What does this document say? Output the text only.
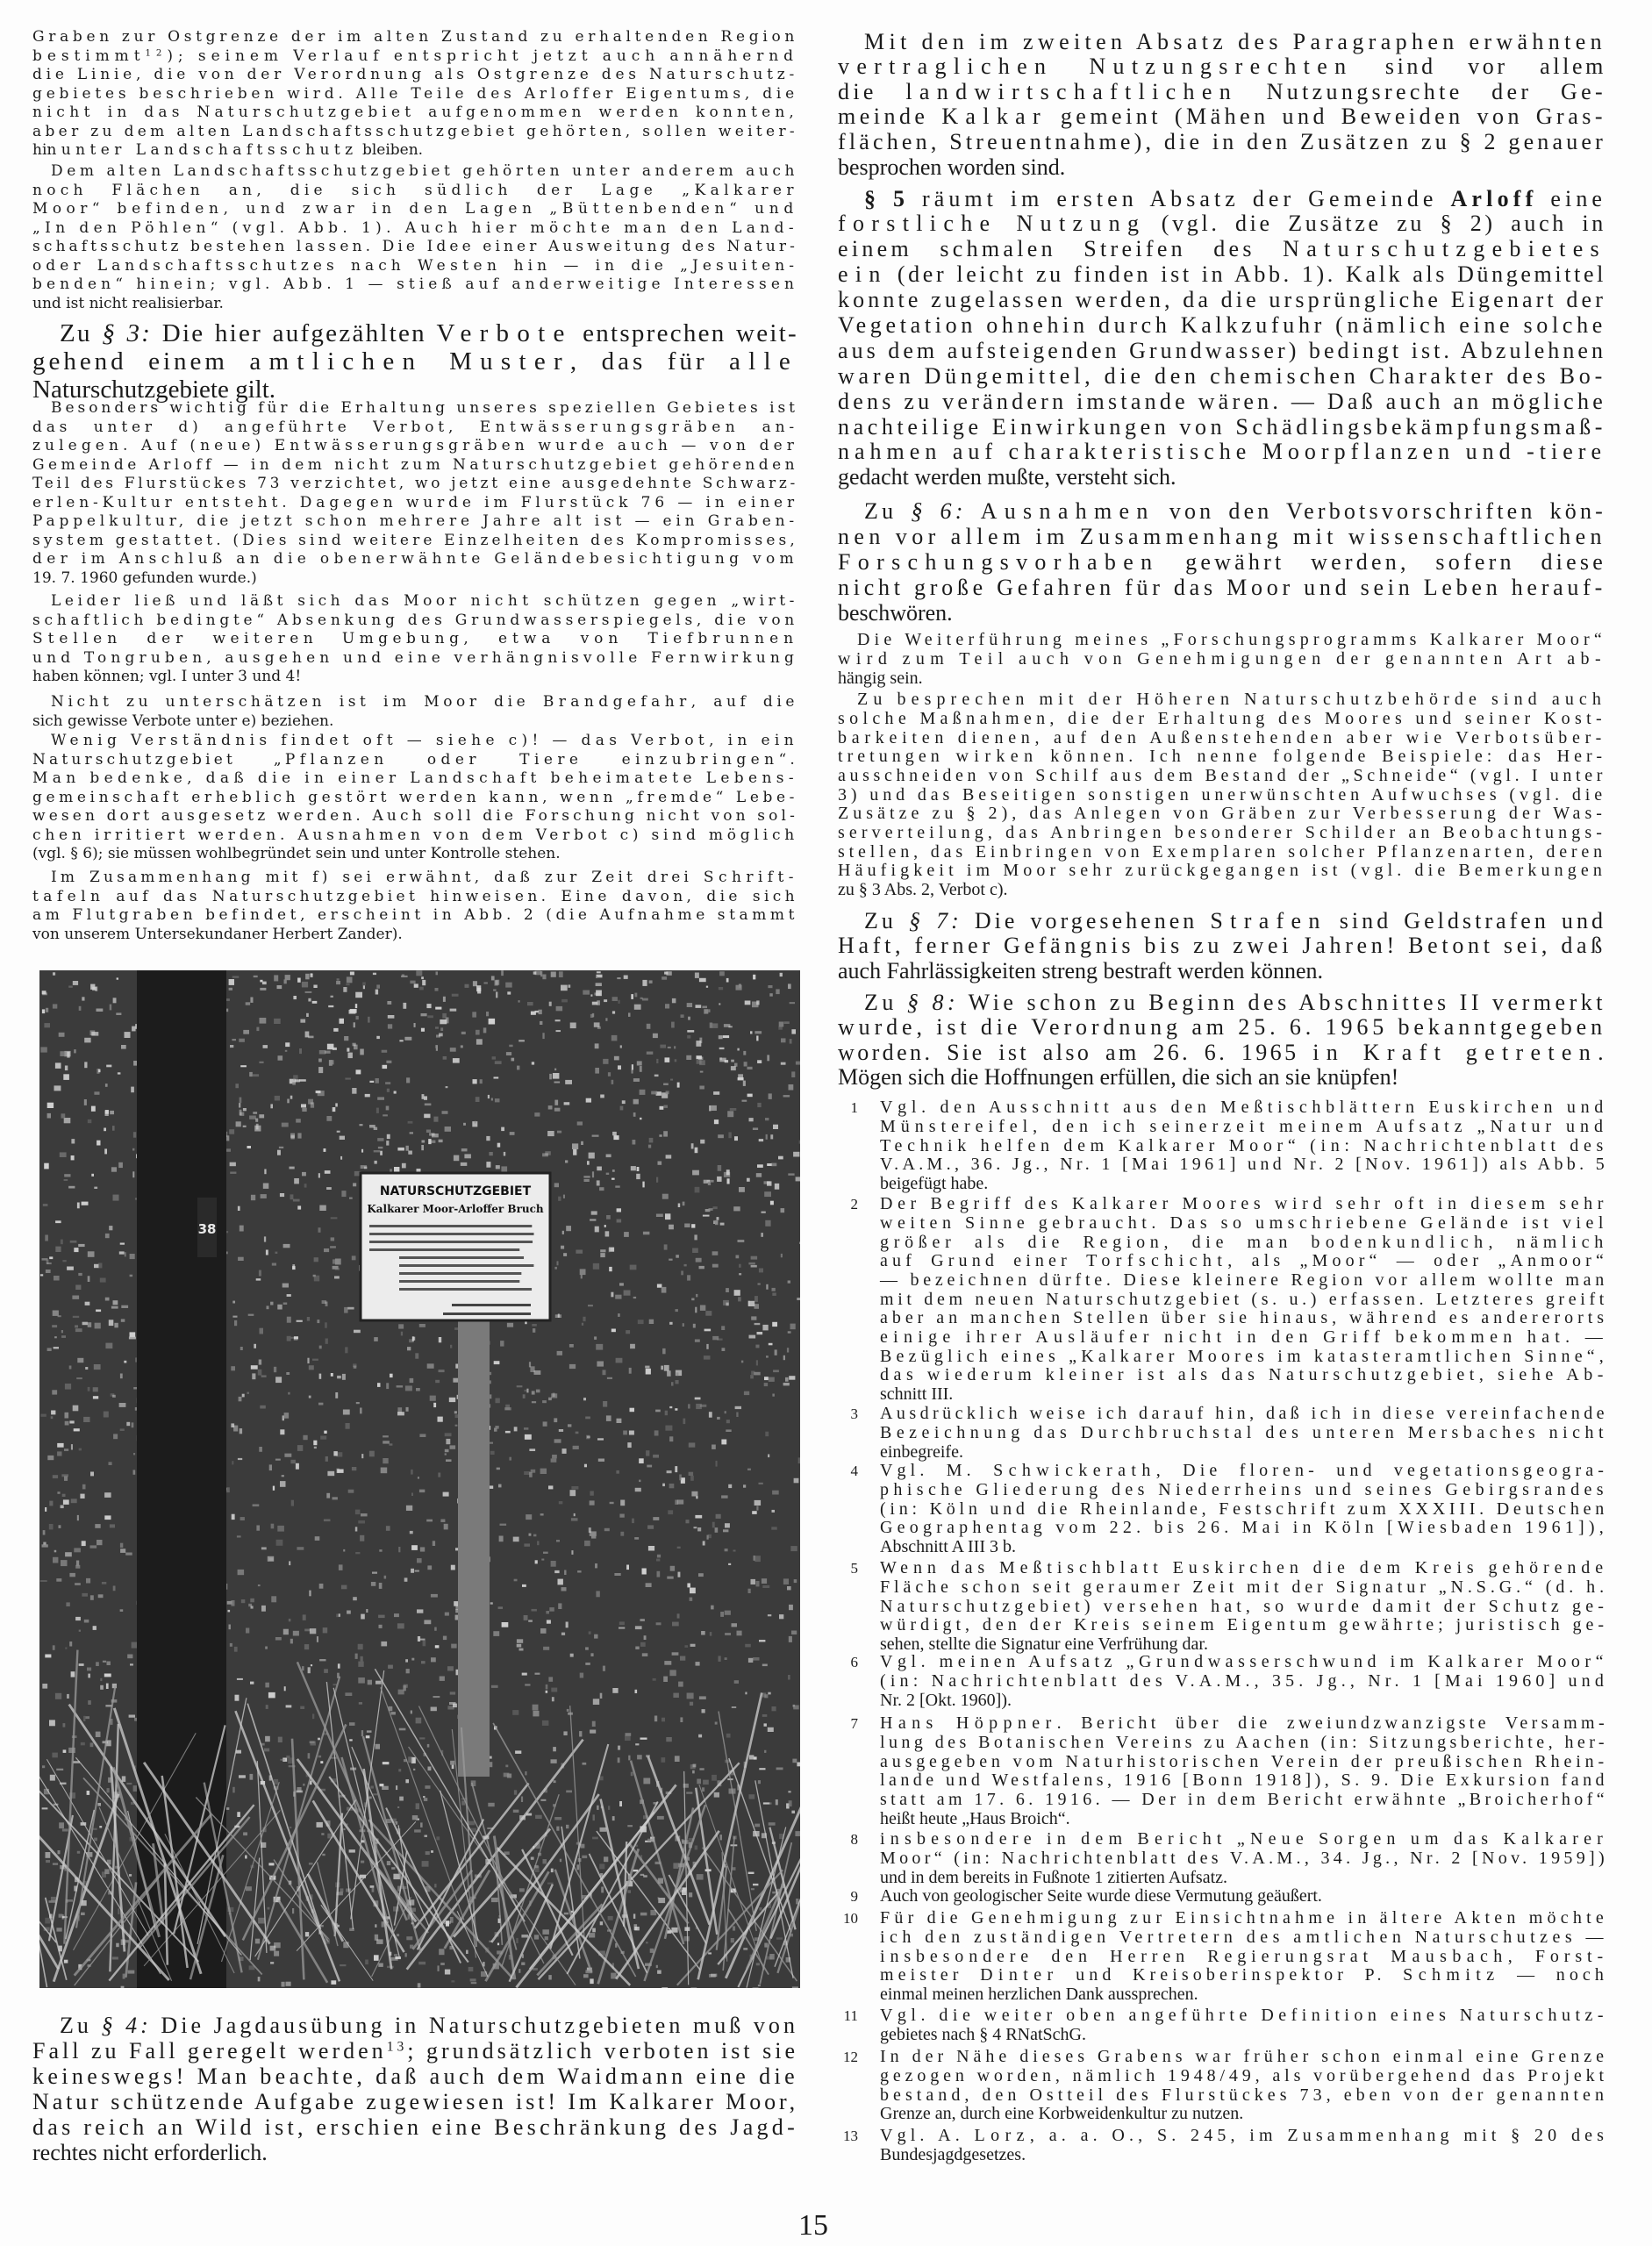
Graben zur Ostgrenze der im alten Zustand zu erhaltenden Region
bestimmt$^{12}$); seinem Verlauf entspricht jetzt auch annähernd
die Linie, die von der Verordnung als Ostgrenze des Naturschutz-
gebietes beschrieben wird. Alle Teile des Arloffer Eigentums, die
nicht in das Naturschutzgebiet aufgenommen werden konnten,
aber zu dem alten Landschaftsschutzgebiet gehörten, sollen weiter-
hin unter Landschaftsschutz bleiben.
Dem alten Landschaftsschutzgebiet gehörten unter anderem auch
noch Flächen an, die sich südlich der Lage „Kalkarer
Moor“ befinden, und zwar in den Lagen „Büttenbenden“ und
„In den Pöhlen“ (vgl. Abb. 1). Auch hier möchte man den Land-
schaftsschutz bestehen lassen. Die Idee einer Ausweitung des Natur-
oder Landschaftsschutzes nach Westen hin — in die „Jesuiten-
benden“ hinein; vgl. Abb. 1 — stieß auf anderweitige Interessen
und ist nicht realisierbar.
Zu § 3: Die hier aufgezählten Verbote entsprechen weit-
gehend einem amtlichen Muster, das für alle
Naturschutzgebiete gilt.
Besonders wichtig für die Erhaltung unseres speziellen Gebietes ist
das unter d) angeführte Verbot, Entwässerungsgräben an-
zulegen. Auf (neue) Entwässerungsgräben wurde auch — von der
Gemeinde Arloff — in dem nicht zum Naturschutzgebiet gehörenden
Teil des Flurstückes 73 verzichtet, wo jetzt eine ausgedehnte Schwarz-
erlen-Kultur entsteht. Dagegen wurde im Flurstück 76 — in einer
Pappelkultur, die jetzt schon mehrere Jahre alt ist — ein Graben-
system gestattet. (Dies sind weitere Einzelheiten des Kompromisses,
der im Anschluß an die obenerwähnte Geländebesichtigung vom
19. 7. 1960 gefunden wurde.)
Leider ließ und läßt sich das Moor nicht schützen gegen „wirt-
schaftlich bedingte“ Absenkung des Grundwasserspiegels, die von
Stellen der weiteren Umgebung, etwa von Tiefbrunnen
und Tongruben, ausgehen und eine verhängnisvolle Fernwirkung
haben können; vgl. I unter 3 und 4!
Nicht zu unterschätzen ist im Moor die Brandgefahr, auf die
sich gewisse Verbote unter e) beziehen.
Wenig Verständnis findet oft — siehe c)! — das Verbot, in ein
Naturschutzgebiet „Pflanzen oder Tiere einzubringen“.
Man bedenke, daß die in einer Landschaft beheimatete Lebens-
gemeinschaft erheblich gestört werden kann, wenn „fremde“ Lebe-
wesen dort ausgesetz werden. Auch soll die Forschung nicht von sol-
chen irritiert werden. Ausnahmen von dem Verbot c) sind möglich
(vgl. § 6); sie müssen wohlbegründet sein und unter Kontrolle stehen.
Im Zusammenhang mit f) sei erwähnt, daß zur Zeit drei Schrift-
tafeln auf das Naturschutzgebiet hinweisen. Eine davon, die sich
am Flutgraben befindet, erscheint in Abb. 2 (die Aufnahme stammt
von unserem Untersekundaner Herbert Zander).
Zu § 4: Die Jagdausübung in Naturschutzgebieten muß von
Fall zu Fall geregelt werden$^{13}$; grundsätzlich verboten ist sie
keineswegs! Man beachte, daß auch dem Waidmann eine die
Natur schützende Aufgabe zugewiesen ist! Im Kalkarer Moor,
das reich an Wild ist, erschien eine Beschränkung des Jagd-
rechtes nicht erforderlich.
Mit den im zweiten Absatz des Paragraphen erwähnten
vertraglichen Nutzungsrechten sind vor allem
die landwirtschaftlichen Nutzungsrechte der Ge-
meinde Kalkar gemeint (Mähen und Beweiden von Gras-
flächen, Streuentnahme), die in den Zusätzen zu § 2 genauer
besprochen worden sind.
§ 5 räumt im ersten Absatz der Gemeinde Arloff eine
forstliche Nutzung (vgl. die Zusätze zu § 2) auch in
einem schmalen Streifen des Naturschutzgebietes
ein (der leicht zu finden ist in Abb. 1). Kalk als Düngemittel
konnte zugelassen werden, da die ursprüngliche Eigenart der
Vegetation ohnehin durch Kalkzufuhr (nämlich eine solche
aus dem aufsteigenden Grundwasser) bedingt ist. Abzulehnen
waren Düngemittel, die den chemischen Charakter des Bo-
dens zu verändern imstande wären. — Daß auch an mögliche
nachteilige Einwirkungen von Schädlingsbekämpfungsmaß-
nahmen auf charakteristische Moorpflanzen und -tiere
gedacht werden mußte, versteht sich.
Zu § 6: Ausnahmen von den Verbotsvorschriften kön-
nen vor allem im Zusammenhang mit wissenschaftlichen
Forschungsvorhaben gewährt werden, sofern diese
nicht große Gefahren für das Moor und sein Leben herauf-
beschwören.
Die Weiterführung meines „Forschungsprogramms Kalkarer Moor“
wird zum Teil auch von Genehmigungen der genannten Art ab-
hängig sein.
Zu besprechen mit der Höheren Naturschutzbehörde sind auch
solche Maßnahmen, die der Erhaltung des Moores und seiner Kost-
barkeiten dienen, auf den Außenstehenden aber wie Verbotsüber-
tretungen wirken können. Ich nenne folgende Beispiele: das Her-
ausschneiden von Schilf aus dem Bestand der „Schneide“ (vgl. I unter
3) und das Beseitigen sonstigen unerwünschten Aufwuchses (vgl. die
Zusätze zu § 2), das Anlegen von Gräben zur Verbesserung der Was-
serverteilung, das Anbringen besonderer Schilder an Beobachtungs-
stellen, das Einbringen von Exemplaren solcher Pflanzenarten, deren
Häufigkeit im Moor sehr zurückgegangen ist (vgl. die Bemerkungen
zu § 3 Abs. 2, Verbot c).
Zu § 7: Die vorgesehenen Strafen sind Geldstrafen und
Haft, ferner Gefängnis bis zu zwei Jahren! Betont sei, daß
auch Fahrlässigkeiten streng bestraft werden können.
Zu § 8: Wie schon zu Beginn des Abschnittes II vermerkt
wurde, ist die Verordnung am 25. 6. 1965 bekanntgegeben
worden. Sie ist also am 26. 6. 1965 in Kraft getreten.
Mögen sich die Hoffnungen erfüllen, die sich an sie knüpfen!
1 Vgl. den Ausschnitt aus den Meßtischblättern Euskirchen und
Münstereifel, den ich seinerzeit meinem Aufsatz „Natur und
Technik helfen dem Kalkarer Moor“ (in: Nachrichtenblatt des
V.A.M., 36. Jg., Nr. 1 [Mai 1961] und Nr. 2 [Nov. 1961]) als Abb. 5
beigefügt habe.
2 Der Begriff des Kalkarer Moores wird sehr oft in diesem sehr
weiten Sinne gebraucht. Das so umschriebene Gelände ist viel
größer als die Region, die man bodenkundlich, nämlich
auf Grund einer Torfschicht, als „Moor“ — oder „Anmoor“
— bezeichnen dürfte. Diese kleinere Region vor allem wollte man
mit dem neuen Naturschutzgebiet (s. u.) erfassen. Letzteres greift
aber an manchen Stellen über sie hinaus, während es andererorts
einige ihrer Ausläufer nicht in den Griff bekommen hat. —
Bezüglich eines „Kalkarer Moores im katasteramtlichen Sinne“,
das wiederum kleiner ist als das Naturschutzgebiet, siehe Ab-
schnitt III.
3 Ausdrücklich weise ich darauf hin, daß ich in diese vereinfachende
Bezeichnung das Durchbruchstal des unteren Mersbaches nicht
einbegreife.
4 Vgl. M. Schwickerath, Die floren- und vegetationsgeogra-
phische Gliederung des Niederrheins und seines Gebirgsrandes
(in: Köln und die Rheinlande, Festschrift zum XXXIII. Deutschen
Geographentag vom 22. bis 26. Mai in Köln [Wiesbaden 1961]),
Abschnitt A III 3 b.
5 Wenn das Meßtischblatt Euskirchen die dem Kreis gehörende
Fläche schon seit geraumer Zeit mit der Signatur „N.S.G.“ (d. h.
Naturschutzgebiet) versehen hat, so wurde damit der Schutz ge-
würdigt, den der Kreis seinem Eigentum gewährte; juristisch ge-
sehen, stellte die Signatur eine Verfrühung dar.
6 Vgl. meinen Aufsatz „Grundwasserschwund im Kalkarer Moor“
(in: Nachrichtenblatt des V.A.M., 35. Jg., Nr. 1 [Mai 1960] und
Nr. 2 [Okt. 1960]).
7 Hans Höppner. Bericht über die zweiundzwanzigste Versamm-
lung des Botanischen Vereins zu Aachen (in: Sitzungsberichte, her-
ausgegeben vom Naturhistorischen Verein der preußischen Rhein-
lande und Westfalens, 1916 [Bonn 1918]), S. 9. Die Exkursion fand
statt am 17. 6. 1916. — Der in dem Bericht erwähnte „Broicherhof“
heißt heute „Haus Broich“.
8 insbesondere in dem Bericht „Neue Sorgen um das Kalkarer
Moor“ (in: Nachrichtenblatt des V.A.M., 34. Jg., Nr. 2 [Nov. 1959])
und in dem bereits in Fußnote 1 zitierten Aufsatz.
9 Auch von geologischer Seite wurde diese Vermutung geäußert.
10 Für die Genehmigung zur Einsichtnahme in ältere Akten möchte
ich den zuständigen Vertretern des amtlichen Naturschutzes —
insbesondere den Herren Regierungsrat Mausbach, Forst-
meister Dinter und Kreisoberinspektor P. Schmitz — noch
einmal meinen herzlichen Dank aussprechen.
11 Vgl. die weiter oben angeführte Definition eines Naturschutz-
gebietes nach § 4 RNatSchG.
12 In der Nähe dieses Grabens war früher schon einmal eine Grenze
gezogen worden, nämlich 1948/49, als vorübergehend das Projekt
bestand, den Ostteil des Flurstückes 73, eben von der genannten
Grenze an, durch eine Korbweidenkultur zu nutzen.
13 Vgl. A. Lorz, a. a. O., S. 245, im Zusammenhang mit § 20 des
Bundesjagdgesetzes.
38
NATURSCHUTZGEBIET
Kalkarer Moor-Arloffer Bruch
15
